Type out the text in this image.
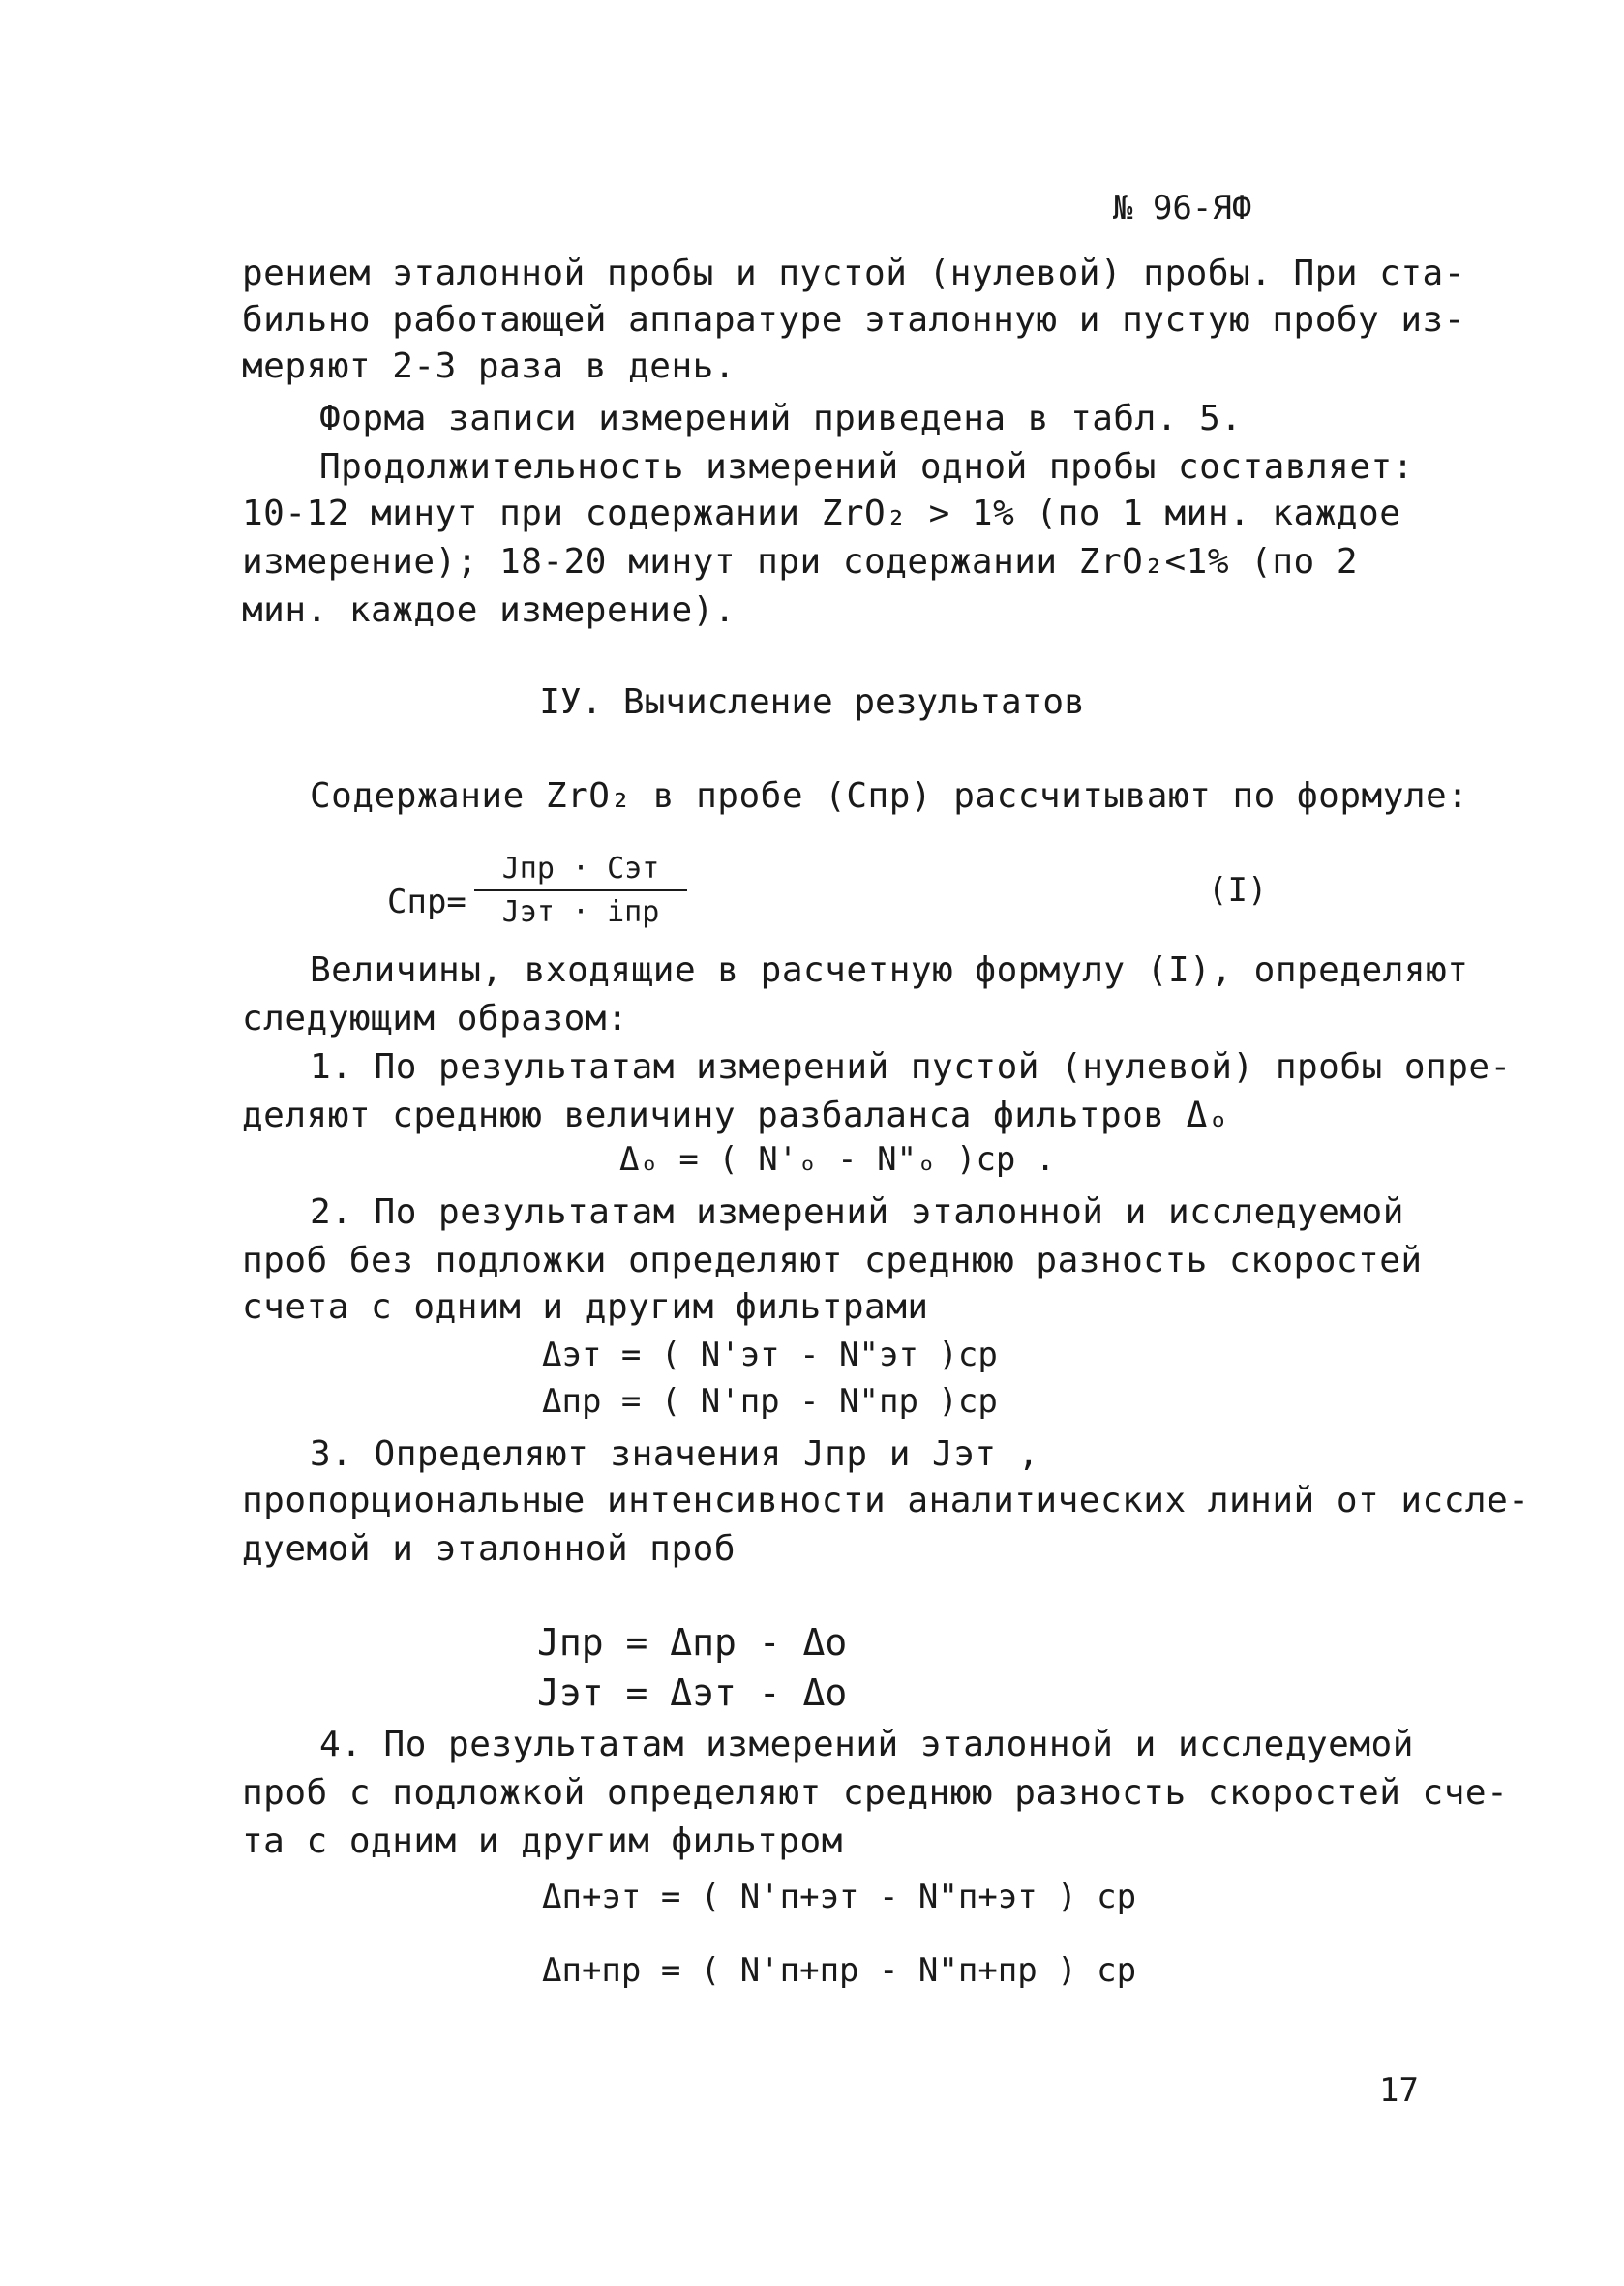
№ 96-ЯФ
рением эталонной пробы и пустой (нулевой) пробы. При ста-
бильно работающей аппаратуре эталонную и пустую пробу из-
меряют 2-3 раза в день.
Форма записи измерений приведена в табл. 5.
Продолжительность измерений одной пробы составляет:
10-12 минут при содержании ZrO₂ > 1% (по 1 мин. каждое
измерение); 18-20 минут при содержании ZrO₂<1% (по 2
мин. каждое измерение).
IУ. Вычисление результатов
Содержание ZrO₂ в пробе (Cпр) рассчитывают по формуле:
Cпр=
Jпр · Cэт
Jэт · iпр
(I)
Величины, входящие в расчетную формулу (I), определяют
следующим образом:
1. По результатам измерений пустой (нулевой) пробы опре-
деляют среднюю величину разбаланса фильтров Δₒ
Δₒ = ( N'ₒ - N"ₒ )ср .
2. По результатам измерений эталонной и исследуемой
проб без подложки определяют среднюю разность скоростей
счета с одним и другим фильтрами
Δэт = ( N'эт - N"эт )ср
Δпр = ( N'пр - N"пр )ср
3. Определяют значения Jпр и Jэт ,
пропорциональные интенсивности аналитических линий от иссле-
дуемой и эталонной проб
Jпр = Δпр - Δо
Jэт = Δэт - Δо
4. По результатам измерений эталонной и исследуемой
проб с подложкой определяют среднюю разность скоростей сче-
та с одним и другим фильтром
Δп+эт = ( N'п+эт - N"п+эт ) ср
Δп+пр = ( N'п+пр - N"п+пр ) ср
17
